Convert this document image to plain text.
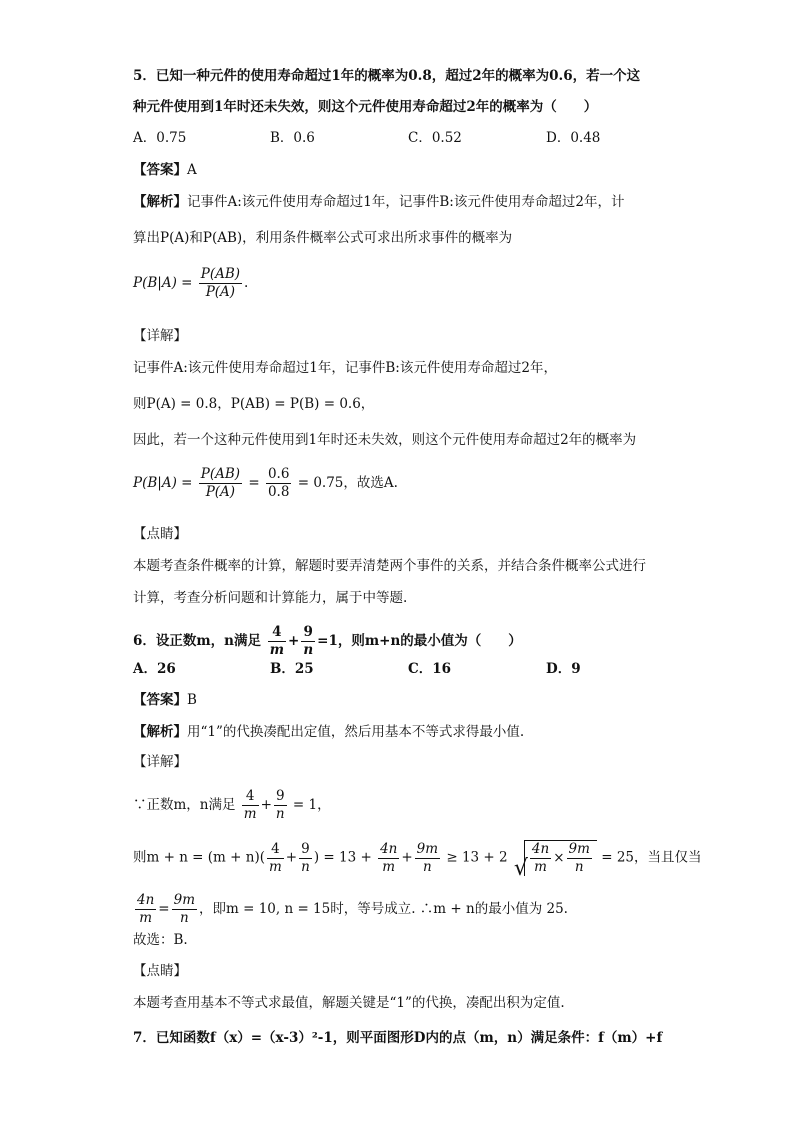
5．已知一种元件的使用寿命超过1年的概率为0.8，超过2年的概率为0.6，若一个这
种元件使用到1年时还未失效，则这个元件使用寿命超过2年的概率为（　　）
A．0.75	B．0.6	C．0.52	D．0.48
【答案】A
【解析】记事件A:该元件使用寿命超过1年，记事件B:该元件使用寿命超过2年，计
算出P(A)和P(AB)，利用条件概率公式可求出所求事件的概率为
$P(B|A) = \frac{P(AB)}{P(A)}$ .
【详解】
记事件A:该元件使用寿命超过1年，记事件B:该元件使用寿命超过2年，
则P(A) = 0.8，P(AB) = P(B) = 0.6，
因此，若一个这种元件使用到1年时还未失效，则这个元件使用寿命超过2年的概率为
$P(B|A) = \frac{P(AB)}{P(A)} = \frac{0.6}{0.8} = 0.75$，故选A.
【点睛】
本题考查条件概率的计算，解题时要弄清楚两个事件的关系，并结合条件概率公式进行
计算，考查分析问题和计算能力，属于中等题.
6．设正数m，n满足 $\frac{4}{m} + \frac{9}{n} =1$，则m+n的最小值为（　　）
A．26	B．25	C．16	D．9
【答案】B
【解析】用“1”的代换凑配出定值，然后用基本不等式求得最小值.
【详解】
∵正数m，n满足 $\frac{4}{m} + \frac{9}{n} = 1$，
则$m + n = (m + n)( \frac{4}{m} + \frac{9}{n}$ ) = $13 + \frac{4n}{m} + \frac{9m}{n} \ge 13 + 2$
√ $\frac{4n}{m} \times \frac{9m}{n} = 25$，当且仅当
$\frac{4n}{m} = \frac{9m}{n}$ ，即m = 10, n = 15时，等号成立. ∴m + n的最小值为 25.
故选：B.
【点睛】
本题考查用基本不等式求最值，解题关键是“1”的代换，凑配出积为定值.
7．已知函数f（x）=（x-3）²-1，则平面图形D内的点（m，n）满足条件：f（m）+f
